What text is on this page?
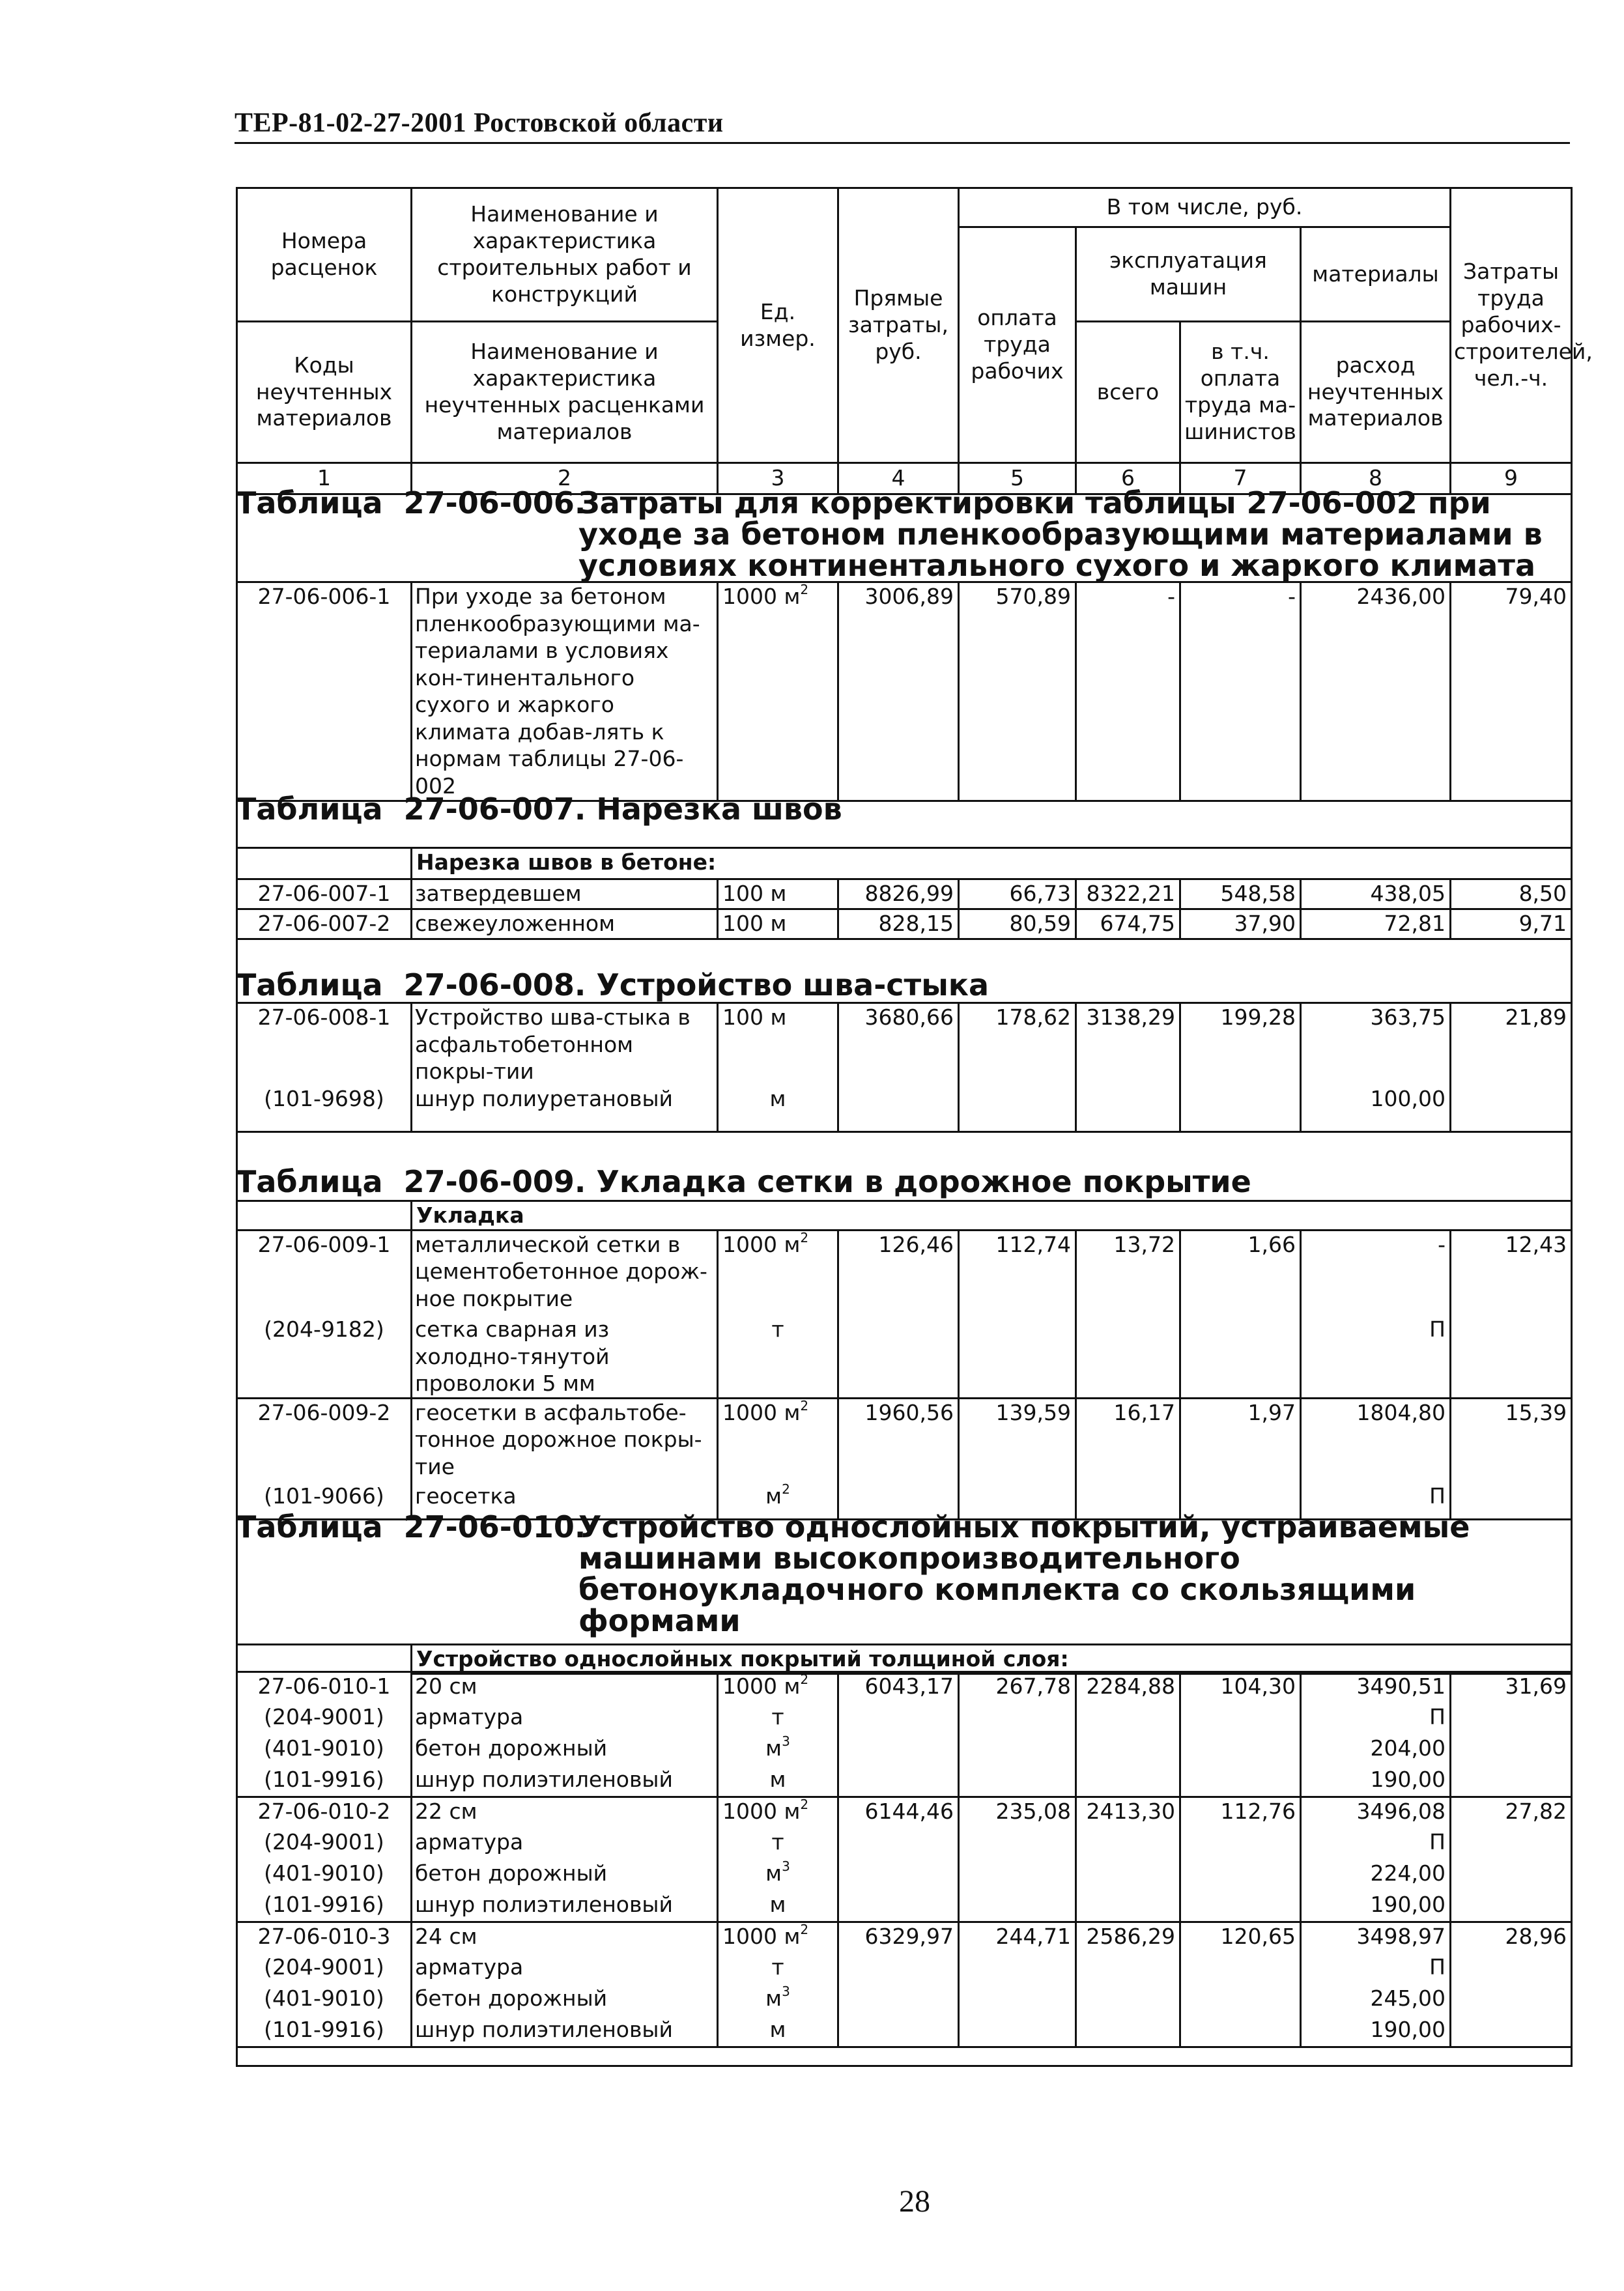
ТЕР-81-02-27-2001 Ростовской области
Номера расценок	Наименование и характеристика строительных работ и конструкций	Ед. измер.	Прямые затраты, руб.	В том числе, руб.				Затраты труда рабочих-строителей, чел.-ч.
				оплата труда рабочих	эксплуатация машин		материалы	
Коды неучтенных материалов	Наименование и характеристика неучтенных расценками материалов				всего	в т.ч. оплата труда ма-шинистов	расход неучтенных материалов	

1	2	3	4	5	6	7	8	9
Таблица 27-06-006.
Затраты для корректировки таблицы 27-06-002 при уходе за бетоном пленкообразующими материалами в условиях континентального сухого и жаркого климата
27-06-006-1	При уходе за бетоном пленкообразующими ма-териалами в условиях кон-тинентального сухого и жаркого климата добав-лять к нормам таблицы 27-06-002	1000 $м^2$	3006,89	570,89	-	-	2436,00	79,40
Таблица 27-06-007. Нарезка швов
	Нарезка швов в бетоне:							
27-06-007-1	затвердевшем	100 м	8826,99	66,73	8322,21	548,58	438,05	8,50
27-06-007-2	свежеуложенном	100 м	828,15	80,59	674,75	37,90	72,81	9,71
Таблица 27-06-008. Устройство шва-стыка
27-06-008-1	Устройство шва-стыка в асфальтобетонном покры-тии	100 м	3680,66	178,62	3138,29	199,28	363,75	21,89
(101-9698)	шнур полиуретановый	м					100,00	
Таблица 27-06-009. Укладка сетки в дорожное покрытие
	Укладка							
27-06-009-1	металлической сетки в цементобетонное дорож-ное покрытие	1000 $м^2$	126,46	112,74	13,72	1,66	-	12,43
(204-9182)	сетка сварная из холодно-тянутой проволоки 5 мм	т					П	
27-06-009-2	геосетки в асфальтобе-тонное дорожное покры-тие	1000 $м^2$	1960,56	139,59	16,17	1,97	1804,80	15,39
(101-9066)	геосетка	$м^2$					П	
Таблица 27-06-010.
Устройство однослойных покрытий, устраиваемые машинами высокопроизводительного бетоноукладочного комплекта со скользящими формами
	Устройство однослойных покрытий толщиной слоя:
27-06-010-1	20 см	1000 $м^2$	6043,17	267,78	2284,88	104,30	3490,51	31,69
(204-9001)	арматура	т					П	
(401-9010)	бетон дорожный	$м^3$					204,00	
(101-9916)	шнур полиэтиленовый	м					190,00	
27-06-010-2	22 см	1000 $м^2$	6144,46	235,08	2413,30	112,76	3496,08	27,82
(204-9001)	арматура	т					П	
(401-9010)	бетон дорожный	$м^3$					224,00	
(101-9916)	шнур полиэтиленовый	м					190,00	
27-06-010-3	24 см	1000 $м^2$	6329,97	244,71	2586,29	120,65	3498,97	28,96
(204-9001)	арматура	т					П	
(401-9010)	бетон дорожный	$м^3$					245,00	
(101-9916)	шнур полиэтиленовый	м					190,00	
28
